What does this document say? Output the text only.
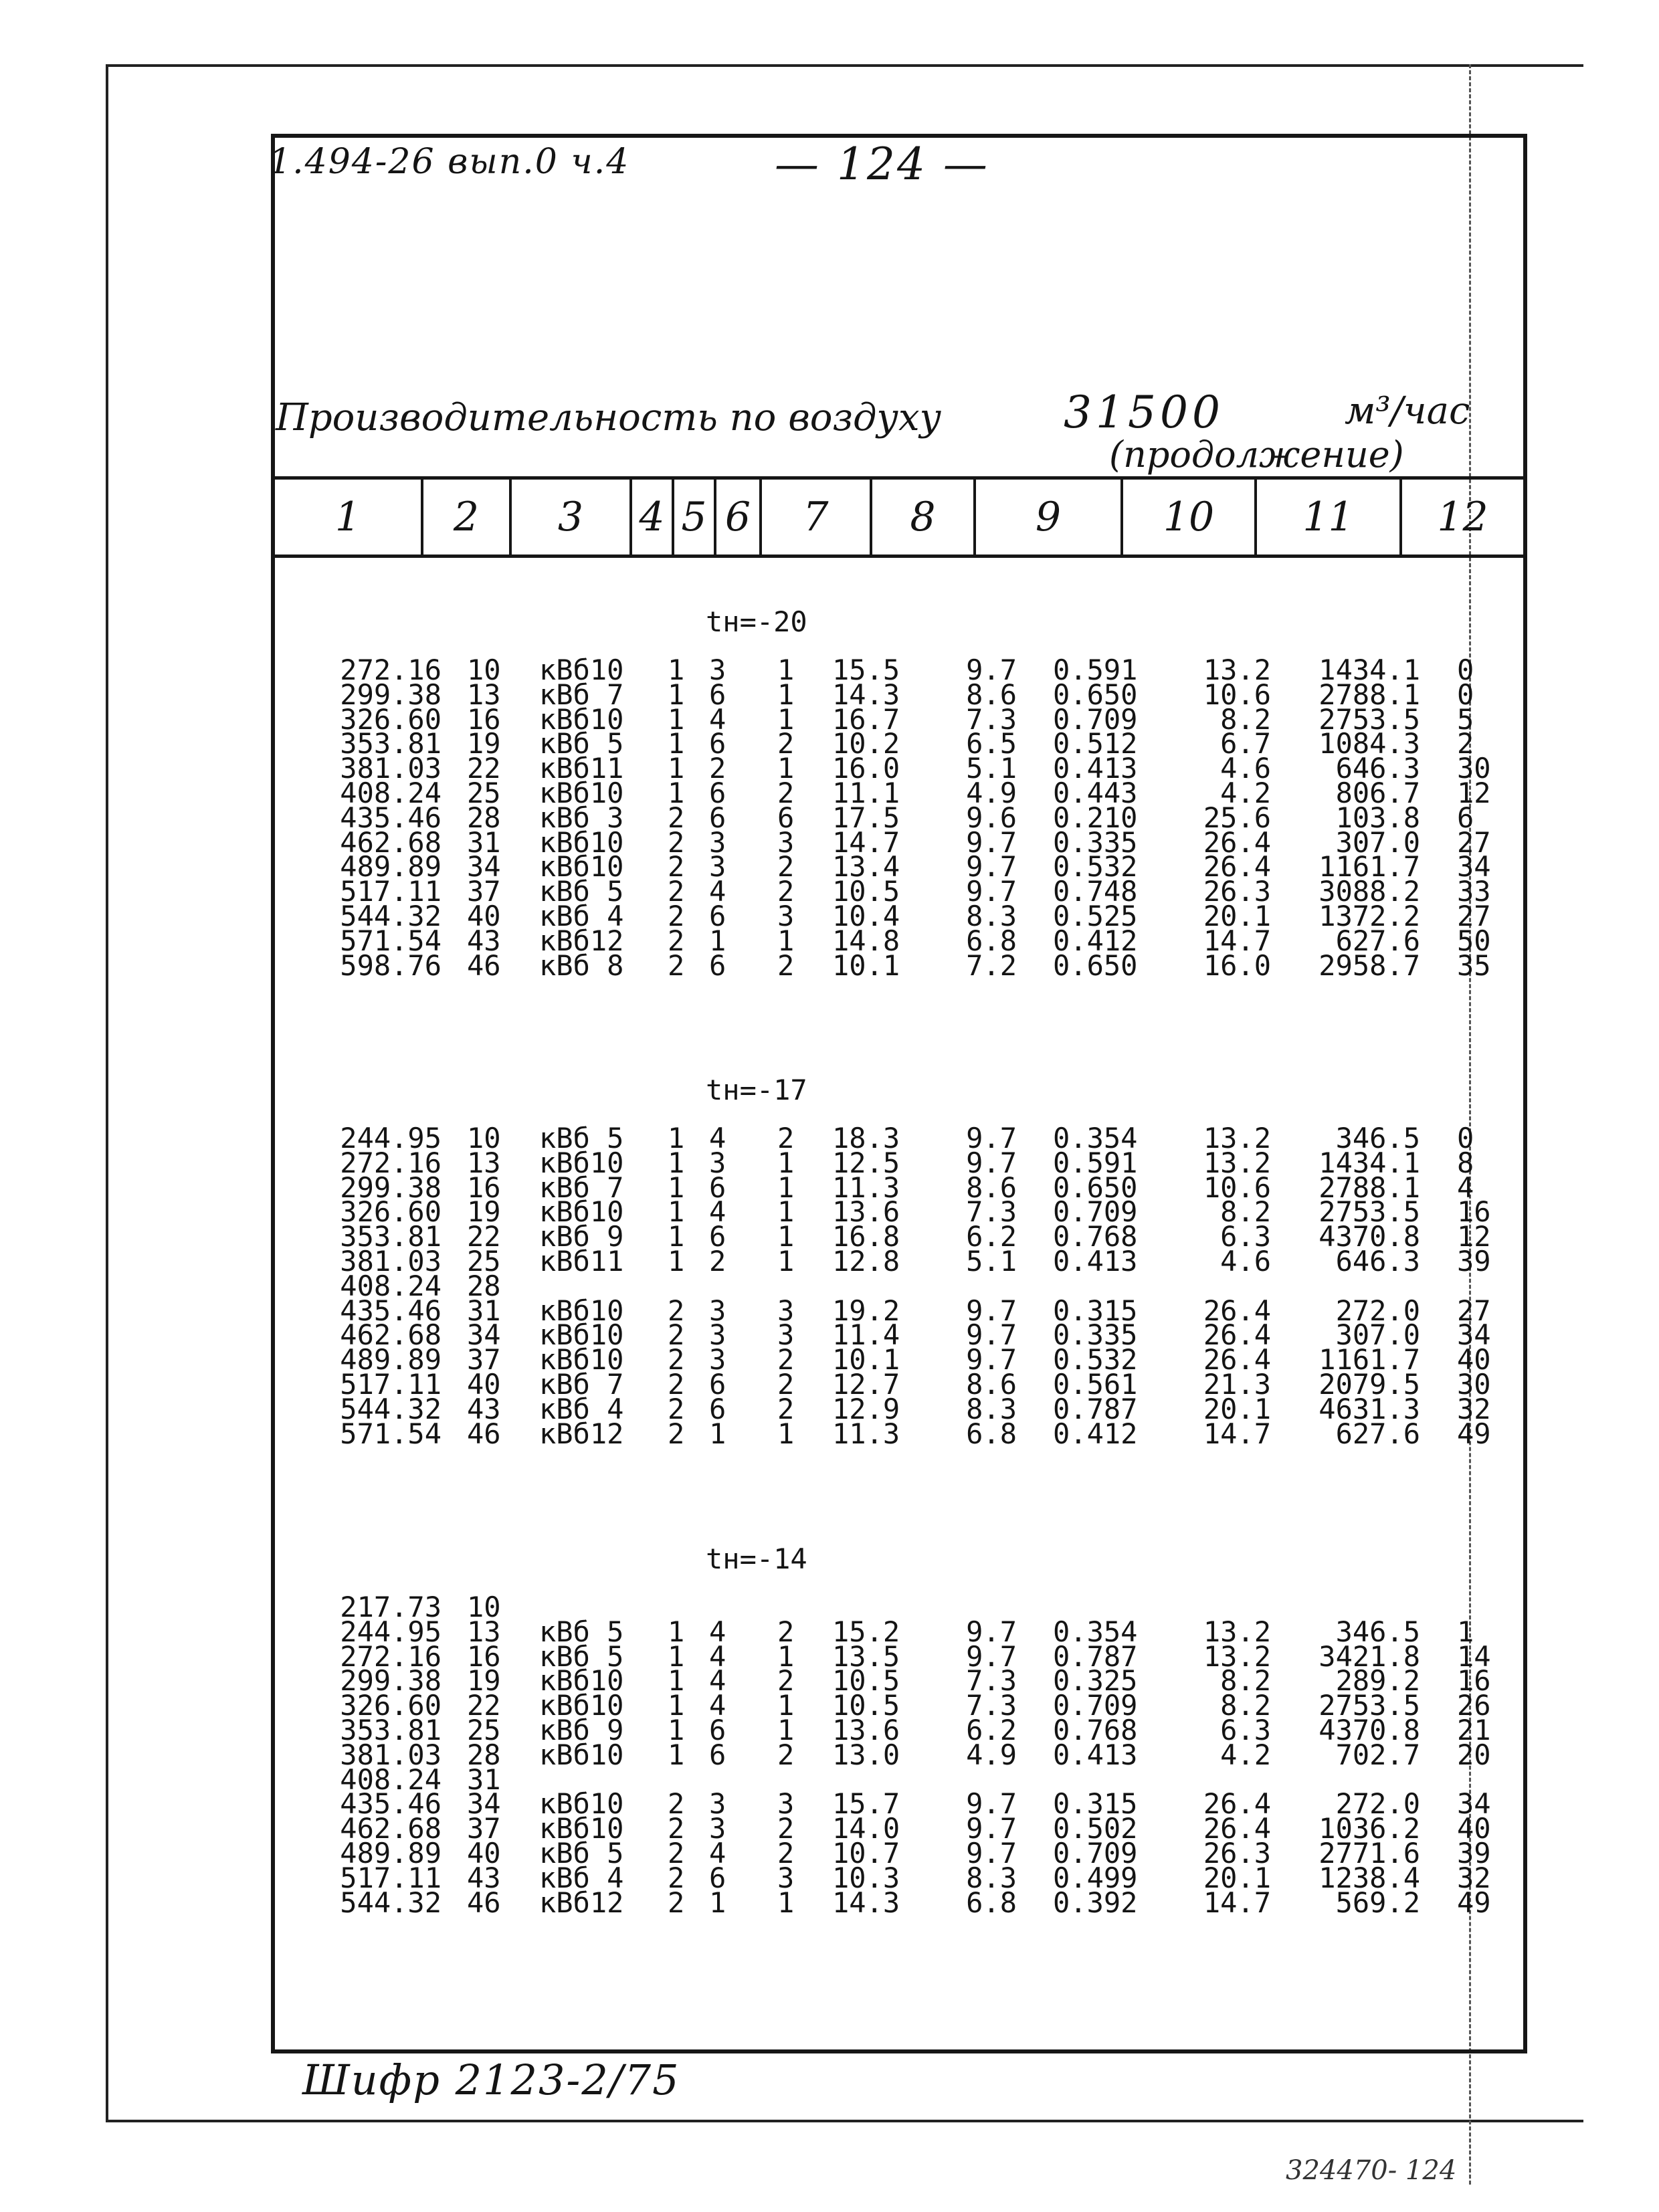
1.494-26 вып.0 ч.4	— 124 —
Производительность по воздуху	31500	м³/час
(продолжение)
1	2	3	4 5 6	7	8	9	10	11	12
tн=-20
272.16 10 кВб10 1 3 1 15.5	9.7 0.591	13.2	1434.1 0
299.38 13 кВб 7 1 6 1 14.3	8.6 0.650	10.6	2788.1 0
326.60 16 кВб10 1 4 1 16.7	7.3 0.709	8.2	2753.5 5
353.81 19 кВб 5 1 6 2 10.2	6.5 0.512	6.7	1084.3 2
381.03 22 кВб11 1 2 1 16.0	5.1 0.413	4.6	646.3 30
408.24 25 кВб10 1 6 2 11.1	4.9 0.443	4.2	806.7 12
435.46 28 кВб 3 2 6 6 17.5	9.6 0.210	25.6	103.8 6
462.68 31 кВб10 2 3 3 14.7	9.7 0.335	26.4	307.0 27
489.89 34 кВб10 2 3 2 13.4	9.7 0.532	26.4	1161.7 34
517.11 37 кВб 5 2 4 2 10.5	9.7 0.748	26.3	3088.2 33
544.32 40 кВб 4 2 6 3 10.4	8.3 0.525	20.1	1372.2 27
571.54 43 кВб12 2 1 1 14.8	6.8 0.412	14.7	627.6 50
598.76 46 кВб 8 2 6 2 10.1	7.2 0.650	16.0	2958.7 35
tн=-17
244.95 10 кВб 5 1 4 2 18.3	9.7 0.354	13.2	346.5 0
272.16 13 кВб10 1 3 1 12.5	9.7 0.591	13.2	1434.1 8
299.38 16 кВб 7 1 6 1 11.3	8.6 0.650	10.6	2788.1 4
326.60 19 кВб10 1 4 1 13.6	7.3 0.709	8.2	2753.5 16
353.81 22 кВб 9 1 6 1 16.8	6.2 0.768	6.3	4370.8 12
381.03 25 кВб11 1 2 1 12.8	5.1 0.413	4.6	646.3 39
408.24 28
435.46 31 кВб10 2 3 3 19.2	9.7 0.315	26.4	272.0 27
462.68 34 кВб10 2 3 3 11.4	9.7 0.335	26.4	307.0 34
489.89 37 кВб10 2 3 2 10.1	9.7 0.532	26.4	1161.7 40
517.11 40 кВб 7 2 6 2 12.7	8.6 0.561	21.3	2079.5 30
544.32 43 кВб 4 2 6 2 12.9	8.3 0.787	20.1	4631.3 32
571.54 46 кВб12 2 1 1 11.3	6.8 0.412	14.7	627.6 49
tн=-14
217.73 10
244.95 13 кВб 5 1 4 2 15.2	9.7 0.354	13.2	346.5 1
272.16 16 кВб 5 1 4 1 13.5	9.7 0.787	13.2	3421.8 14
299.38 19 кВб10 1 4 2 10.5	7.3 0.325	8.2	289.2 16
326.60 22 кВб10 1 4 1 10.5	7.3 0.709	8.2	2753.5 26
353.81 25 кВб 9 1 6 1 13.6	6.2 0.768	6.3	4370.8 21
381.03 28 кВб10 1 6 2 13.0	4.9 0.413	4.2	702.7 20
408.24 31
435.46 34 кВб10 2 3 3 15.7	9.7 0.315	26.4	272.0 34
462.68 37 кВб10 2 3 2 14.0	9.7 0.502	26.4	1036.2 40
489.89 40 кВб 5 2 4 2 10.7	9.7 0.709	26.3	2771.6 39
517.11 43 кВб 4 2 6 3 10.3	8.3 0.499	20.1	1238.4 32
544.32 46 кВб12 2 1 1 14.3	6.8 0.392	14.7	569.2 49
Шифр 2123-2/75
324470- 124
